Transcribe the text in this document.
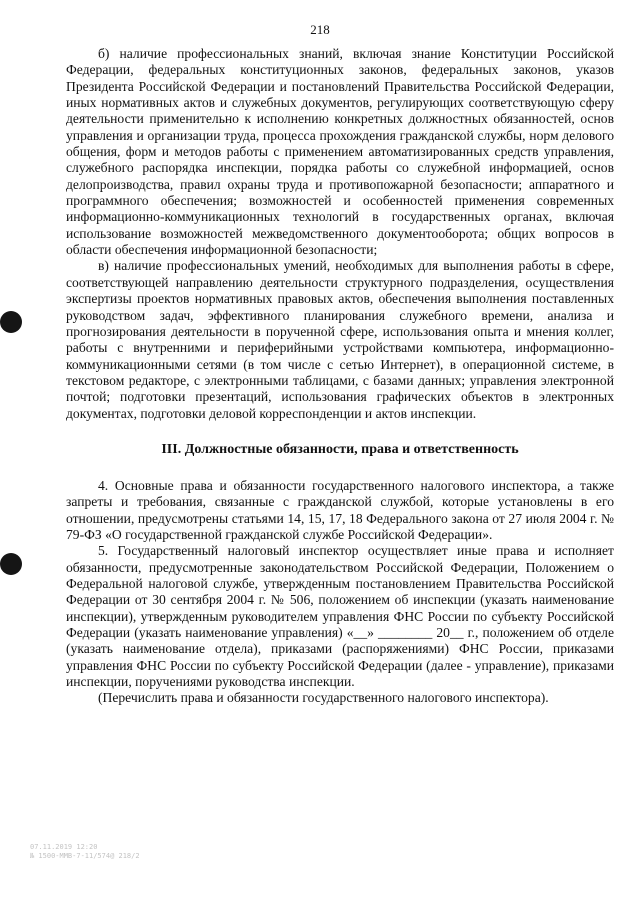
218

б) наличие профессиональных знаний, включая знание Конституции Российской Федерации, федеральных конституционных законов, федеральных законов, указов Президента Российской Федерации и постановлений Правительства Российской Федерации, иных нормативных актов и служебных документов, регулирующих соответствующую сферу деятельности применительно к исполнению конкретных должностных обязанностей, основ управления и организации труда, процесса прохождения гражданской службы, норм делового общения, форм и методов работы с применением автоматизированных средств управления, служебного распорядка инспекции, порядка работы со служебной информацией, основ делопроизводства, правил охраны труда и противопожарной безопасности; аппаратного и программного обеспечения; возможностей и особенностей применения современных информационно-коммуникационных технологий в государственных органах, включая использование возможностей межведомственного документооборота; общих вопросов в области обеспечения информационной безопасности;

в) наличие профессиональных умений, необходимых для выполнения работы в сфере, соответствующей направлению деятельности структурного подразделения, осуществления экспертизы проектов нормативных правовых актов, обеспечения выполнения поставленных руководством задач, эффективного планирования служебного времени, анализа и прогнозирования деятельности в порученной сфере, использования опыта и мнения коллег, работы с внутренними и периферийными устройствами компьютера, информационно-коммуникационными сетями (в том числе с сетью Интернет), в операционной системе, в текстовом редакторе, с электронными таблицами, с базами данных; управления электронной почтой; подготовки презентаций, использования графических объектов в электронных документах, подготовки деловой корреспонденции и актов инспекции.

III. Должностные обязанности, права и ответственность

4. Основные права и обязанности государственного налогового инспектора, а также запреты и требования, связанные с гражданской службой, которые установлены в его отношении, предусмотрены статьями 14, 15, 17, 18 Федерального закона от 27 июля 2004 г. № 79-ФЗ «О государственной гражданской службе Российской Федерации».

5. Государственный налоговый инспектор осуществляет иные права и исполняет обязанности, предусмотренные законодательством Российской Федерации, Положением о Федеральной налоговой службе, утвержденным постановлением Правительства Российской Федерации от 30 сентября 2004 г. № 506, положением об инспекции (указать наименование инспекции), утвержденным руководителем управления ФНС России по субъекту Российской Федерации (указать наименование управления) «__» ________ 20__ г., положением об отделе (указать наименование отдела), приказами (распоряжениями) ФНС России, приказами управления ФНС России по субъекту Российской Федерации (далее - управление), приказами инспекции, поручениями руководства инспекции.

(Перечислить права и обязанности государственного налогового инспектора).

07.11.2019 12:20
№ 1500-ММВ-7-11/574@ 218/2
